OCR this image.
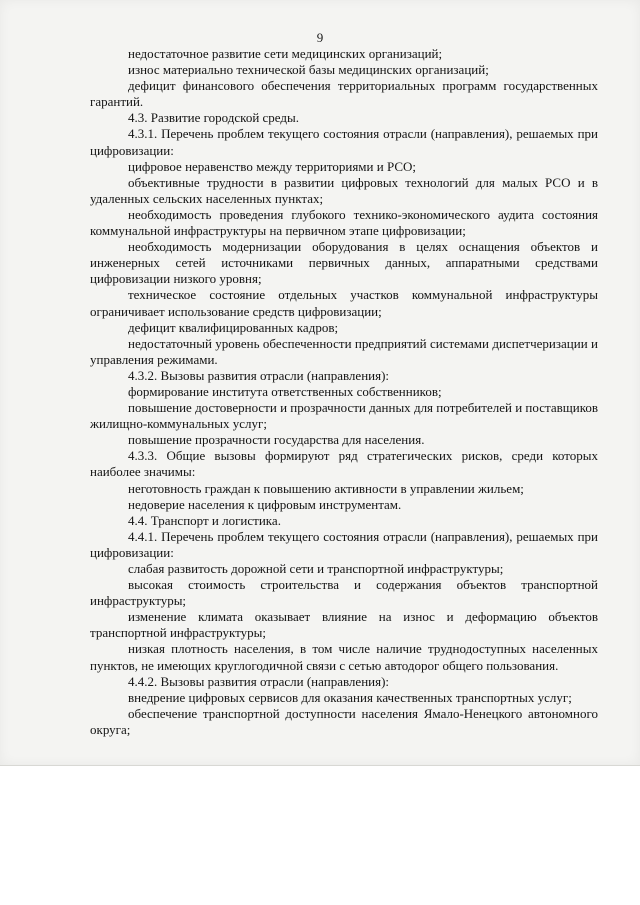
9

недостаточное развитие сети медицинских организаций;

износ материально технической базы медицинских организаций;

дефицит финансового обеспечения территориальных программ государственных гарантий.

4.3. Развитие городской среды.

4.3.1. Перечень проблем текущего состояния отрасли (направления), решаемых при цифровизации:

цифровое неравенство между территориями и РСО;

объективные трудности в развитии цифровых технологий для малых РСО и в удаленных сельских населенных пунктах;

необходимость проведения глубокого технико-экономического аудита состояния коммунальной инфраструктуры на первичном этапе цифровизации;

необходимость модернизации оборудования в целях оснащения объектов и инженерных сетей источниками первичных данных, аппаратными средствами цифровизации низкого уровня;

техническое состояние отдельных участков коммунальной инфраструктуры ограничивает использование средств цифровизации;

дефицит квалифицированных кадров;

недостаточный уровень обеспеченности предприятий системами диспетчеризации и управления режимами.

4.3.2. Вызовы развития отрасли (направления):

формирование института ответственных собственников;

повышение достоверности и прозрачности данных для потребителей и поставщиков жилищно-коммунальных услуг;

повышение прозрачности государства для населения.

4.3.3. Общие вызовы формируют ряд стратегических рисков, среди которых наиболее значимы:

неготовность граждан к повышению активности в управлении жильем;

недоверие населения к цифровым инструментам.

4.4. Транспорт и логистика.

4.4.1. Перечень проблем текущего состояния отрасли (направления), решаемых при цифровизации:

слабая развитость дорожной сети и транспортной инфраструктуры;

высокая стоимость строительства и содержания объектов транспортной инфраструктуры;

изменение климата оказывает влияние на износ и деформацию объектов транспортной инфраструктуры;

низкая плотность населения, в том числе наличие труднодоступных населенных пунктов, не имеющих круглогодичной связи с сетью автодорог общего пользования.

4.4.2. Вызовы развития отрасли (направления):

внедрение цифровых сервисов для оказания качественных транспортных услуг;

обеспечение транспортной доступности населения Ямало-Ненецкого автономного округа;
